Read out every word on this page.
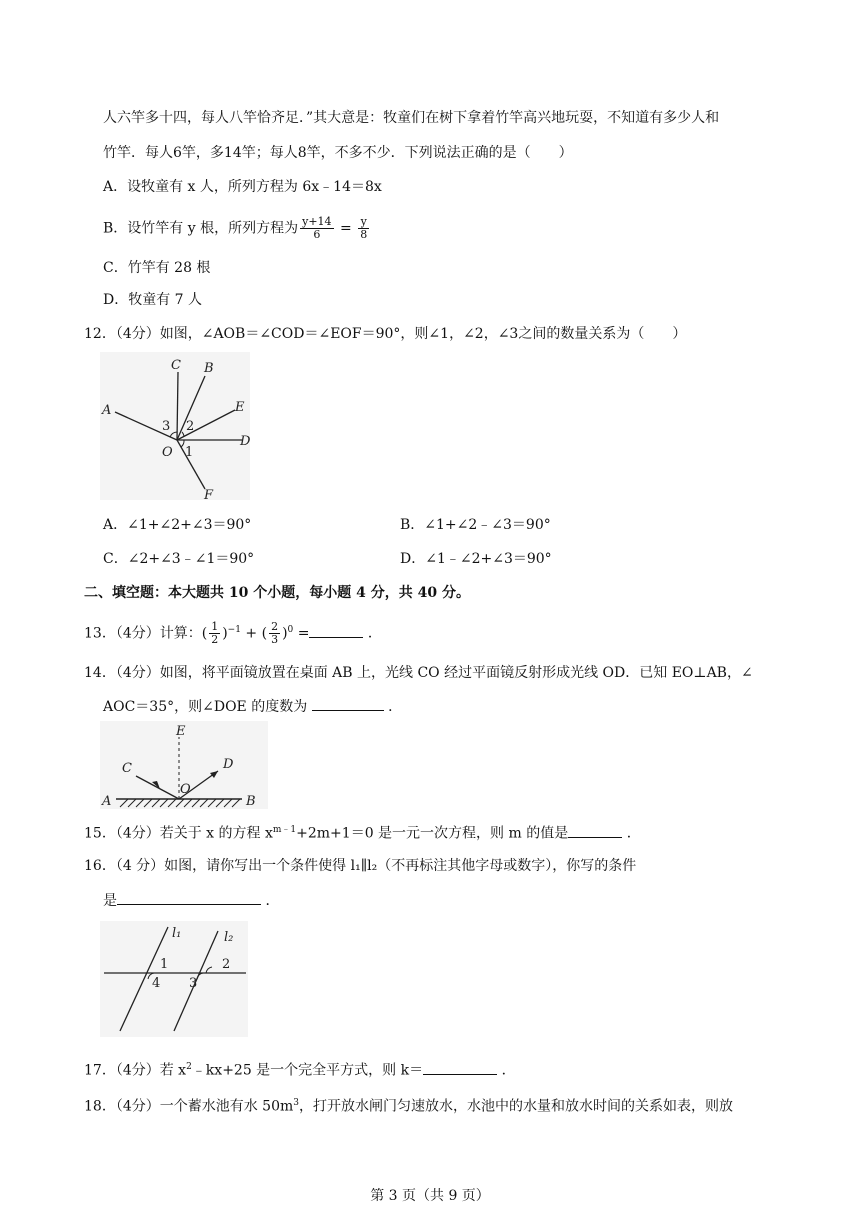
人六竿多十四，每人八竿恰齐足．”其大意是：牧童们在树下拿着竹竿高兴地玩耍，不知道有多少人和
竹竿．每人6竿，多14竿；每人8竿，不多不少．下列说法正确的是（　　）
A．设牧童有 x 人，所列方程为 6x﹣14＝8x
B．设竹竿有 y 根，所列方程为 $\frac{y+14}{6} = \frac{y}{8}$
C．竹竿有 28 根
D．牧童有 7 人
12．（4分）如图，∠AOB＝∠COD＝∠EOF＝90°，则∠1，∠2，∠3之间的数量关系为（　　）
A
C B
E
D
F
O
3 2
1
A．∠1+∠2+∠3＝90°	B．∠1+∠2﹣∠3＝90°
C．∠2+∠3﹣∠1＝90°	D．∠1﹣∠2+∠3＝90°
二、填空题：本大题共 10 个小题，每小题 4 分，共 40 分。
13．（4分）计算：( $\frac{1}{2} )^{-1}$ + ( $\frac{2}{3} )^0$ =	．
14．（4分）如图，将平面镜放置在桌面 AB 上，光线 CO 经过平面镜反射形成光线 OD．已知 EO⊥AB，∠
AOC＝35°，则∠DOE 的度数为	．
E
C	D
O
A	B
15．（4分）若关于 x 的方程 $x^{m﹣1}+2m+1=0$ 是一元一次方程，则 m 的值是	．
16．（4 分）如图，请你写出一个条件使得 l₁∥l₂（不再标注其他字母或数字），你写的条件
是	．
l₁	l₂
1	2
3
4
17．（4分）若 $x^2﹣kx+25$ 是一个完全平方式，则 k＝	．
18．（4分）一个蓄水池有水 $50m^3$，打开放水闸门匀速放水，水池中的水量和放水时间的关系如表，则放
第 3 页（共 9 页）
